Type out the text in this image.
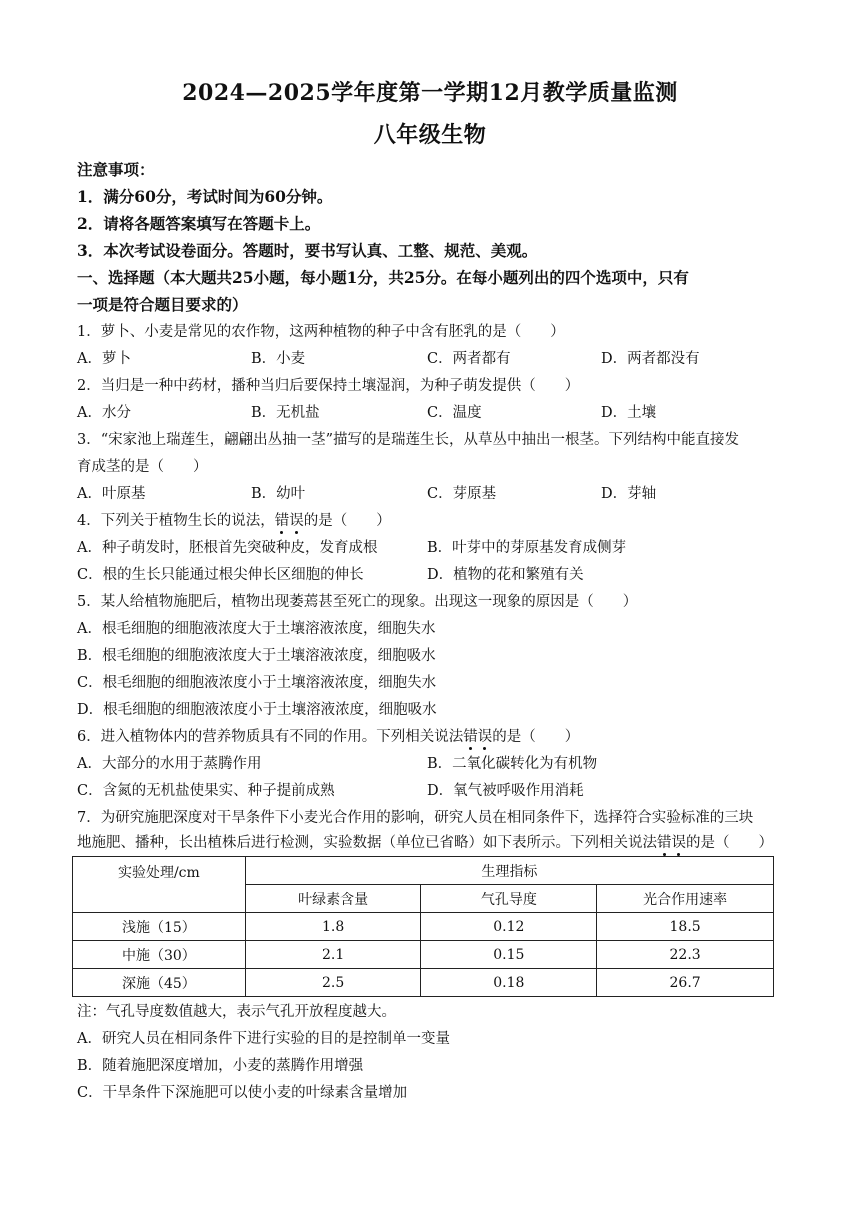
2024—2025学年度第一学期12月教学质量监测
八年级生物
注意事项：
1．满分60分，考试时间为60分钟。
2．请将各题答案填写在答题卡上。
3．本次考试设卷面分。答题时，要书写认真、工整、规范、美观。
一、选择题（本大题共25小题，每小题1分，共25分。在每小题列出的四个选项中，只有
一项是符合题目要求的）
1．萝卜、小麦是常见的农作物，这两种植物的种子中含有胚乳的是（　　）
A．萝卜	B．小麦	C．两者都有	D．两者都没有
2．当归是一种中药材，播种当归后要保持土壤湿润，为种子萌发提供（　　）
A．水分	B．无机盐	C．温度	D．土壤
3．“宋家池上瑞莲生，翩翩出丛抽一茎”描写的是瑞莲生长，从草丛中抽出一根茎。下列结构中能直接发
育成茎的是（　　）
A．叶原基	B．幼叶	C．芽原基	D．芽轴
4．下列关于植物生长的说法，错误的是（　　）
A．种子萌发时，胚根首先突破种皮，发育成根	B．叶芽中的芽原基发育成侧芽
C．根的生长只能通过根尖伸长区细胞的伸长	D．植物的花和繁殖有关
5．某人给植物施肥后，植物出现萎蔫甚至死亡的现象。出现这一现象的原因是（　　）
A．根毛细胞的细胞液浓度大于土壤溶液浓度，细胞失水
B．根毛细胞的细胞液浓度大于土壤溶液浓度，细胞吸水
C．根毛细胞的细胞液浓度小于土壤溶液浓度，细胞失水
D．根毛细胞的细胞液浓度小于土壤溶液浓度，细胞吸水
6．进入植物体内的营养物质具有不同的作用。下列相关说法错误的是（　　）
A．大部分的水用于蒸腾作用	B．二氧化碳转化为有机物
C．含氮的无机盐使果实、种子提前成熟	D．氧气被呼吸作用消耗
7．为研究施肥深度对干旱条件下小麦光合作用的影响，研究人员在相同条件下，选择符合实验标准的三块
地施肥、播种，长出植株后进行检测，实验数据（单位已省略）如下表所示。下列相关说法错误的是（　　）
实验处理/cm	生理指标		
	叶绿素含量	气孔导度	光合作用速率
浅施（15）	1.8	0.12	18.5
中施（30）	2.1	0.15	22.3
深施（45）	2.5	0.18	26.7
注：气孔导度数值越大，表示气孔开放程度越大。
A．研究人员在相同条件下进行实验的目的是控制单一变量
B．随着施肥深度增加，小麦的蒸腾作用增强
C．干旱条件下深施肥可以使小麦的叶绿素含量增加
